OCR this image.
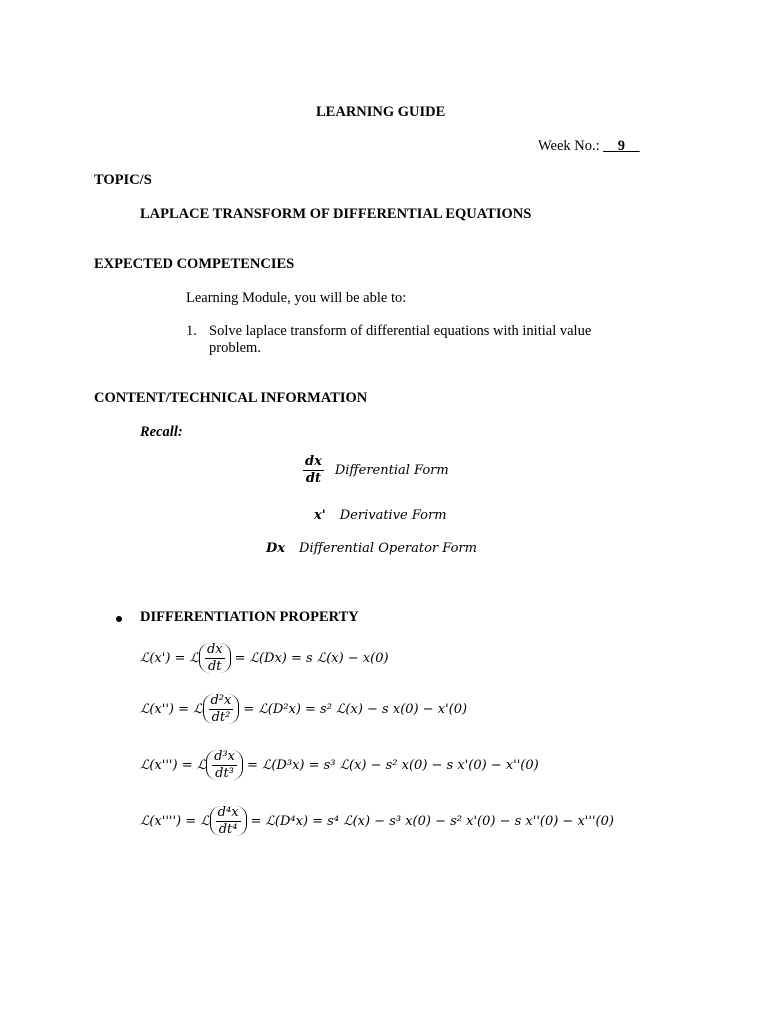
LEARNING GUIDE
Week No.: __9__
TOPIC/S
LAPLACE TRANSFORM OF DIFFERENTIAL EQUATIONS
EXPECTED COMPETENCIES
Learning Module, you will be able to:
1. Solve laplace transform of differential equations with initial value
problem.
CONTENT/TECHNICAL INFORMATION
Recall:
$\frac{dx}{dt}$ Differential Form
x' Derivative Form
Dx Differential Operator Form
DIFFERENTIATION PROPERTY
ℒ(x') = ℒ $\frac{dx}{dt}$ = ℒ(Dx) = s ℒ(x) − x(0)
ℒ(x'') = ℒ $\frac{\text{d²x}}{\text{dt²}}$ = ℒ(D²x) = s² ℒ(x) − s x(0) − x'(0)
ℒ(x''') = ℒ $\frac{\text{d³x}}{\text{dt³}}$ = ℒ(D³x) = s³ ℒ(x) − s² x(0) − s x'(0) − x''(0)
ℒ(x'''') = ℒ $\frac{\text{d⁴x}}{\text{dt⁴}}$ = ℒ(D⁴x) = s⁴ ℒ(x) − s³ x(0) − s² x'(0) − s x''(0) − x'''(0)
